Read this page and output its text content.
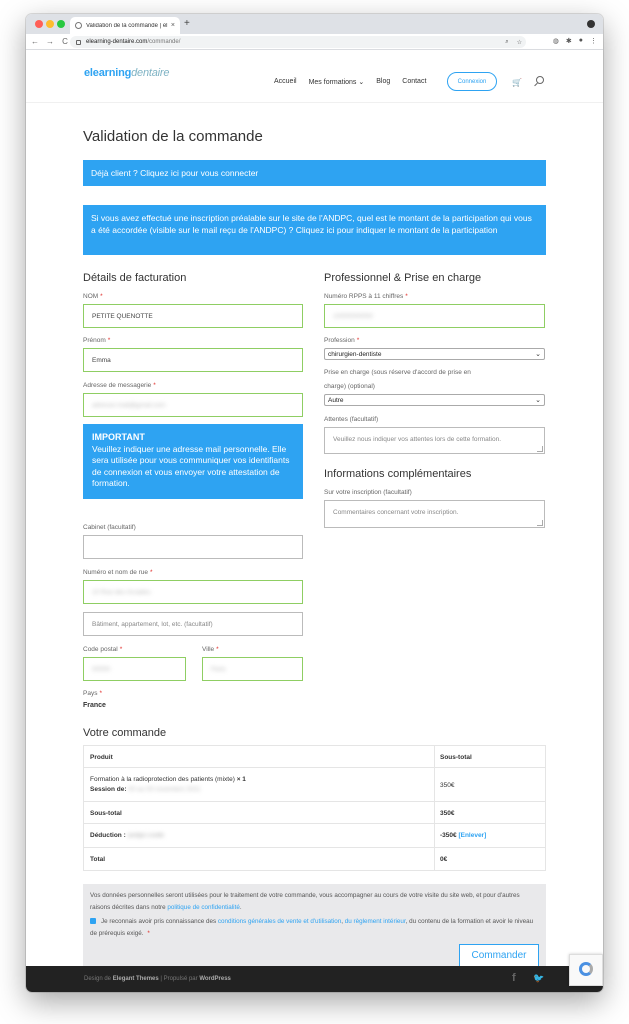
Validation de la commande | el × +
← →	C	elearning-dentaire.com /commande/	⌕ ☆	◍ ✱ ● ⋮
elearningdentaire
Accueil Mes formations ⌄ Blog Contact	Connexion	🛒
Validation de la commande
Déjà client ? Cliquez ici pour vous connecter
Si vous avez effectué une inscription préalable sur le site de l'ANDPC, quel est le montant de la participation qui vous a été accordée (visible sur le mail reçu de l'ANDPC) ? Cliquez ici pour indiquer le montant de la participation
Détails de facturation
NOM *
PETITE QUENOTTE
Prénom *
Emma
Adresse de messagerie *
adresse-mail@gmail.com
IMPORTANT
Veuillez indiquer une adresse mail personnelle. Elle sera utilisée pour vous communiquer vos identifiants de connexion et vous envoyer votre attestation de formation.
Cabinet (facultatif)
Numéro et nom de rue *
10 Rue des Arcades
Bâtiment, appartement, lot, etc. (facultatif)
Code postal *
00000
Ville *
Paris
Pays *
France
Professionnel & Prise en charge
Numéro RPPS à 11 chiffres *
10000000000
Profession *
chirurgien-dentiste	⌄
Prise en charge (sous réserve d'accord de prise en
charge) (optional)
Autre	⌄
Attentes (facultatif)
Veuillez nous indiquer vos attentes lors de cette formation.
Informations complémentaires
Sur votre inscription (facultatif)
Commentaires concernant votre inscription.
Votre commande
Produit	Sous-total
Formation à la radioprotection des patients (mixte) × 1
Session de: 00 au 00 novembre 2021
350€
Sous-total	350€
Déduction : andpc-code	-350€ [Enlever]
Total	0€
Vos données personnelles seront utilisées pour le traitement de votre commande, vous accompagner au cours de votre visite du site web, et pour d'autres raisons décrites dans notre politique de confidentialité.
Je reconnais avoir pris connaissance des conditions générales de vente et d'utilisation, du règlement intérieur, du contenu de la formation et avoir le niveau de prérequis exigé. *
Commander
Design de Elegant Themes | Propulsé par WordPress	f 🐦
